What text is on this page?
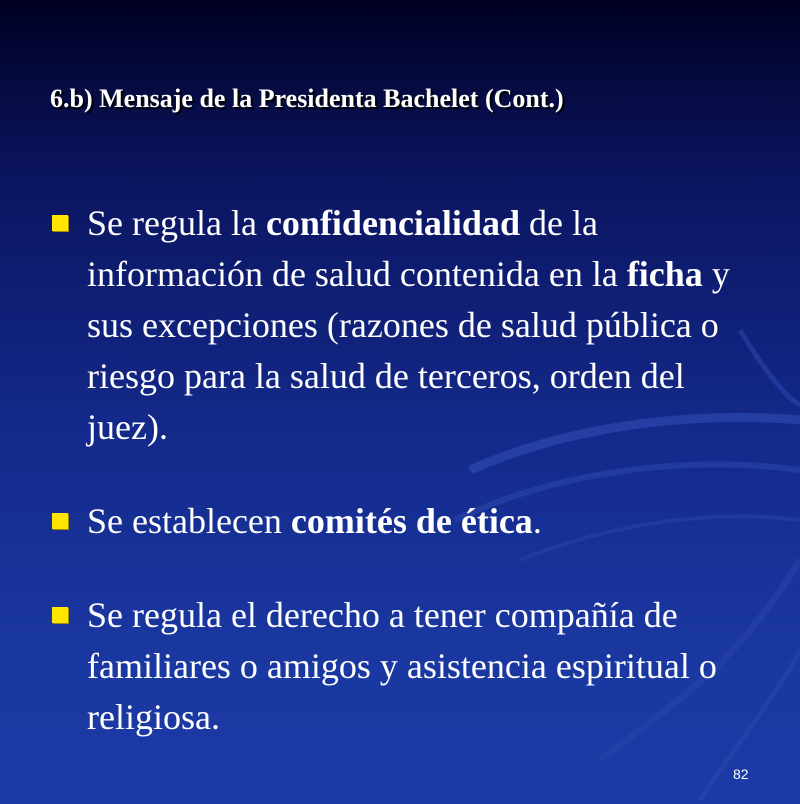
6.b) Mensaje de la Presidenta Bachelet (Cont.)
Se regula la confidencialidad de la información de salud contenida en la ficha y sus excepciones (razones de salud pública o riesgo para la salud de terceros, orden del juez).
Se establecen comités de ética.
Se regula el derecho a tener compañía de familiares o amigos y asistencia espiritual o religiosa.
82
